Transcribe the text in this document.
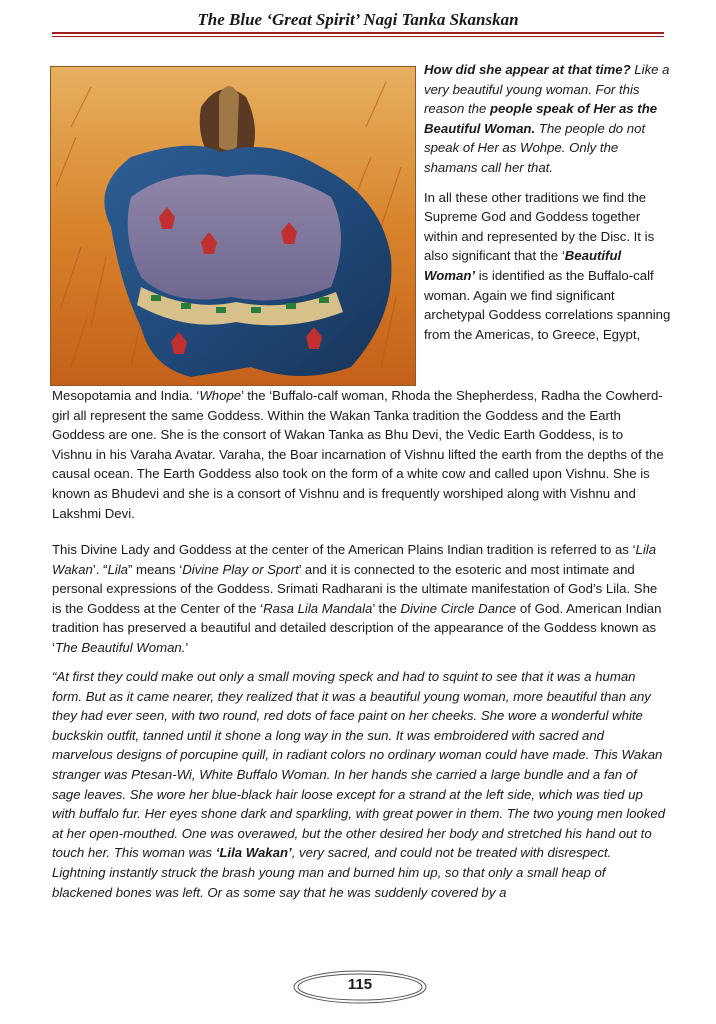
The Blue ‘Great Spirit’ Nagi Tanka Skanskan

How did she appear at that time? Like a very beautiful young woman. For this reason the people speak of Her as the Beautiful Woman. The people do not speak of Her as Wohpe. Only the shamans call her that.

In all these other traditions we find the Supreme God and Goddess together within and represented by the Disc. It is also significant that the ‘Beautiful Woman’ is identified as the Buffalo-calf woman. Again we find significant archetypal Goddess correlations spanning from the Americas, to Greece, Egypt,

Mesopotamia and India. ‘Whope’ the ‘Buffalo-calf woman, Rhoda the Shepherdess, Radha the Cowherd-girl all represent the same Goddess. Within the Wakan Tanka tradition the Goddess and the Earth Goddess are one. She is the consort of Wakan Tanka as Bhu Devi, the Vedic Earth Goddess, is to Vishnu in his Varaha Avatar. Varaha, the Boar incarnation of Vishnu lifted the earth from the depths of the causal ocean. The Earth Goddess also took on the form of a white cow and called upon Vishnu. She is known as Bhudevi and she is a consort of Vishnu and is frequently worshiped along with Vishnu and Lakshmi Devi.

This Divine Lady and Goddess at the center of the American Plains Indian tradition is referred to as ‘Lila Wakan’. “Lila” means ‘Divine Play or Sport’ and it is connected to the esoteric and most intimate and personal expressions of the Goddess. Srimati Radharani is the ultimate manifestation of God’s Lila. She is the Goddess at the Center of the ‘Rasa Lila Mandala’ the Divine Circle Dance of God. American Indian tradition has preserved a beautiful and detailed description of the appearance of the Goddess known as ‘The Beautiful Woman.’

“At first they could make out only a small moving speck and had to squint to see that it was a human form. But as it came nearer, they realized that it was a beautiful young woman, more beautiful than any they had ever seen, with two round, red dots of face paint on her cheeks. She wore a wonderful white buckskin outfit, tanned until it shone a long way in the sun. It was embroidered with sacred and marvelous designs of porcupine quill, in radiant colors no ordinary woman could have made. This Wakan stranger was Ptesan-Wi, White Buffalo Woman. In her hands she carried a large bundle and a fan of sage leaves. She wore her blue-black hair loose except for a strand at the left side, which was tied up with buffalo fur. Her eyes shone dark and sparkling, with great power in them. The two young men looked at her open-mouthed. One was overawed, but the other desired her body and stretched his hand out to touch her. This woman was ‘Lila Wakan’, very sacred, and could not be treated with disrespect. Lightning instantly struck the brash young man and burned him up, so that only a small heap of blackened bones was left. Or as some say that he was suddenly covered by a

115
